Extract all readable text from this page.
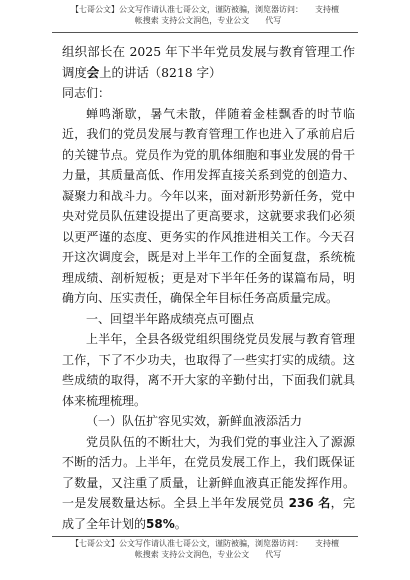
【七哥公文】公文写作请认准七哥公文，谨防被骗，浏览器访问：　　支持檀
帐搜索 支持公文润色，专业公文　　代写

组织部长在 2025 年下半年党员发展与教育管理工作调度会上的讲话（8218 字）

同志们：

蝉鸣渐歇，暑气未散，伴随着金桂飘香的时节临近，我们的党员发展与教育管理工作也进入了承前启后的关键节点。党员作为党的肌体细胞和事业发展的骨干力量，其质量高低、作用发挥直接关系到党的创造力、凝聚力和战斗力。今年以来，面对新形势新任务，党中央对党员队伍建设提出了更高要求，这就要求我们必须以更严谨的态度、更务实的作风推进相关工作。今天召开这次调度会，既是对上半年工作的全面复盘，系统梳理成绩、剖析短板；更是对下半年任务的谋篇布局，明确方向、压实责任，确保全年目标任务高质量完成。

一、回望半年路成绩亮点可圈点

上半年，全县各级党组织围绕党员发展与教育管理工作，下了不少功夫，也取得了一些实打实的成绩。这些成绩的取得，离不开大家的辛勤付出，下面我们就具体来梳理梳理。

（一）队伍扩容见实效，新鲜血液添活力

党员队伍的不断壮大，为我们党的事业注入了源源不断的活力。上半年，在党员发展工作上，我们既保证了数量，又注重了质量，让新鲜血液真正能发挥作用。一是发展数量达标。全县上半年发展党员 236 名，完成了全年计划的58%。

【七哥公文】公文写作请认准七哥公文，谨防被骗，浏览器访问：　　支持檀
帐搜索 支持公文润色，专业公文　　代写
